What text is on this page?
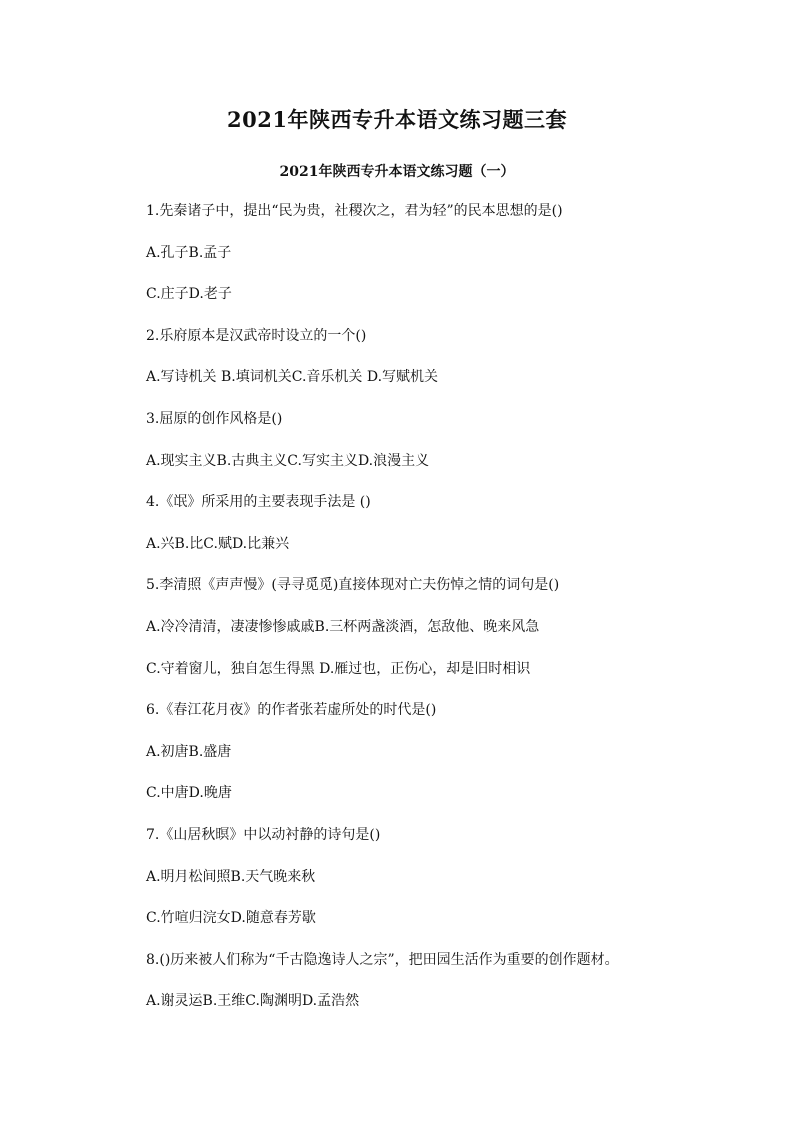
2021年陕西专升本语文练习题三套
2021年陕西专升本语文练习题（一）
1.先秦诸子中，提出“民为贵，社稷次之，君为轻”的民本思想的是()
A.孔子B.孟子
C.庄子D.老子
2.乐府原本是汉武帝时设立的一个()
A.写诗机关 B.填词机关C.音乐机关 D.写赋机关
3.屈原的创作风格是()
A.现实主义B.古典主义C.写实主义D.浪漫主义
4.《氓》所采用的主要表现手法是 ()
A.兴B.比C.赋D.比兼兴
5.李清照《声声慢》(寻寻觅觅)直接体现对亡夫伤悼之情的词句是()
A.冷冷清清，凄凄惨惨戚戚B.三杯两盏淡酒，怎敌他、晚来风急
C.守着窗儿，独自怎生得黑 D.雁过也，正伤心，却是旧时相识
6.《春江花月夜》的作者张若虚所处的时代是()
A.初唐B.盛唐
C.中唐D.晚唐
7.《山居秋暝》中以动衬静的诗句是()
A.明月松间照B.天气晚来秋
C.竹喧归浣女D.随意春芳歇
8.()历来被人们称为“千古隐逸诗人之宗”，把田园生活作为重要的创作题材。
A.谢灵运B.王维C.陶渊明D.孟浩然
